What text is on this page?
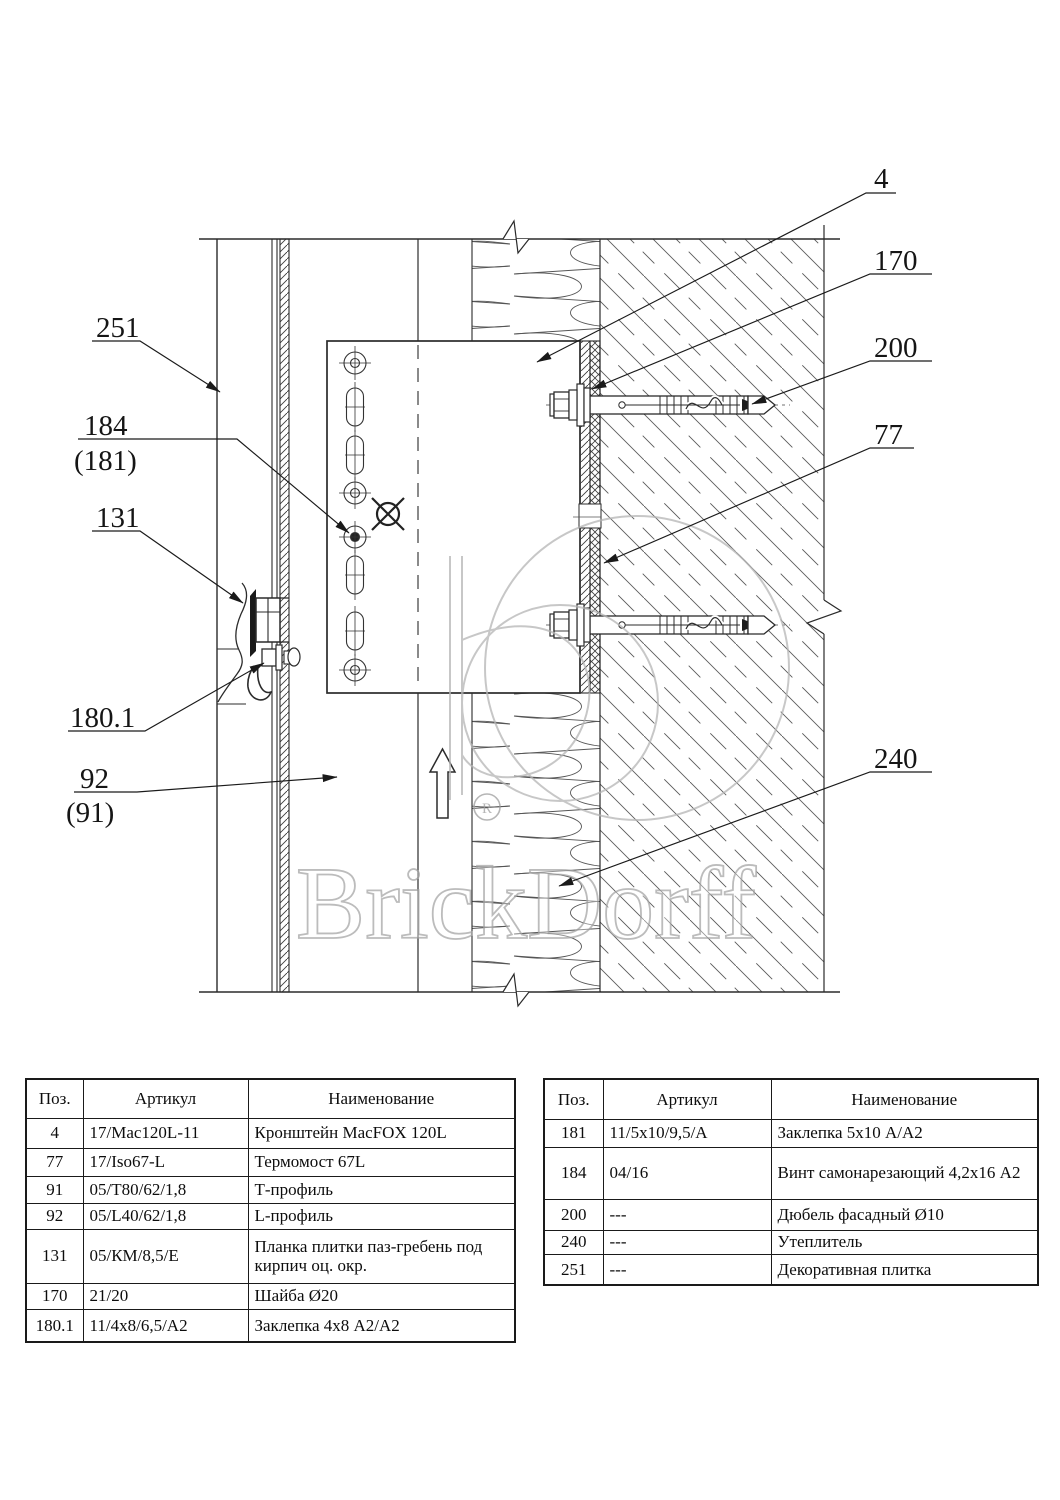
R
BrickDorff
4
170
200
77
240
251
184
(181)
131
180.1
92
(91)
Поз.	Артикул	Наименование
4	17/Mac120L-11	Кронштейн MacFOX 120L
77	17/Iso67-L	Термомост 67L
91	05/T80/62/1,8	Т-профиль
92	05/L40/62/1,8	L-профиль
131	05/КМ/8,5/Е	Планка плитки паз-гребень под кирпич оц. окр.
170	21/20	Шайба Ø20
180.1	11/4x8/6,5/А2	Заклепка 4x8 А2/А2
Поз.	Артикул	Наименование
181	11/5x10/9,5/А	Заклепка 5x10 А/А2
184	04/16	Винт самонарезающий 4,2x16 А2
200	---	Дюбель фасадный Ø10
240	---	Утеплитель
251	---	Декоративная плитка
